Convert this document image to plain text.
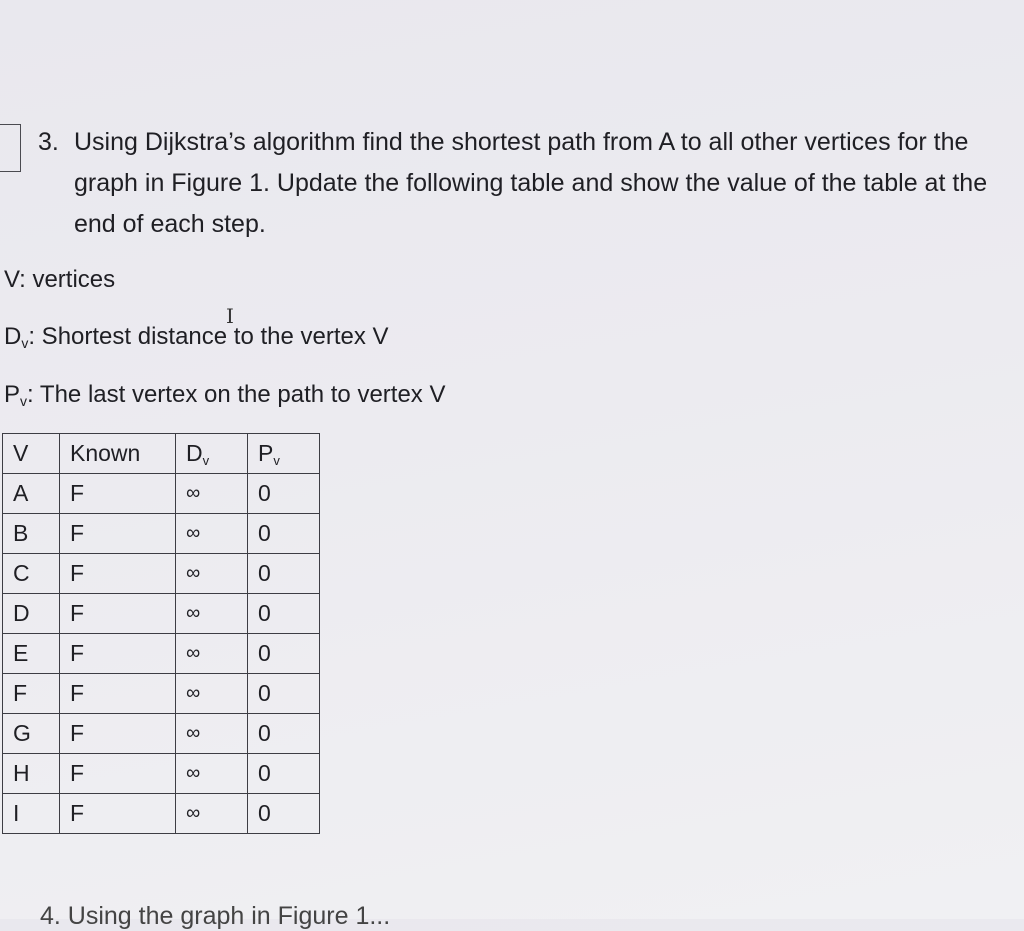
3. Using Dijkstra’s algorithm find the shortest path from A to all other vertices for the graph in Figure 1. Update the following table and show the value of the table at the end of each step.
V: vertices
$D_v$: Shortest distance to the vertex V
I
$P_v$: The last vertex on the path to vertex V
V	Known	$D_v$	$P_v$
A	F	∞	0
B	F	∞	0
C	F	∞	0
D	F	∞	0
E	F	∞	0
F	F	∞	0
G	F	∞	0
H	F	∞	0
I	F	∞	0
4. Using the graph in Figure 1...
